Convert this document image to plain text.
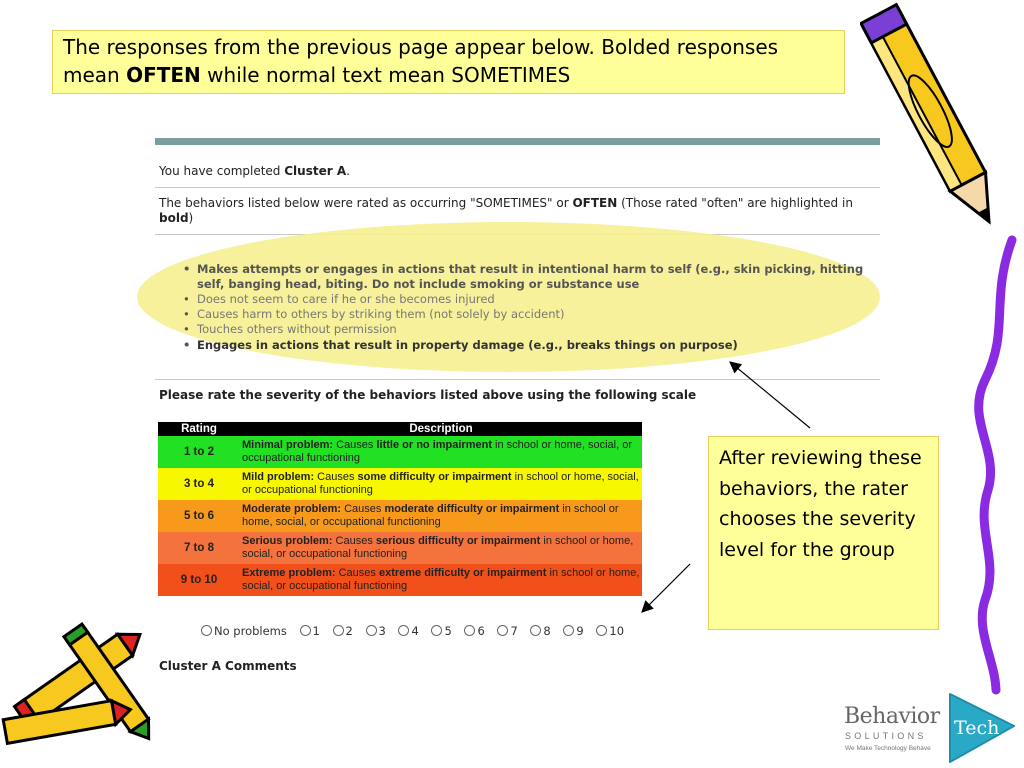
The responses from the previous page appear below. Bolded responses mean OFTEN while normal text mean SOMETIMES
You have completed Cluster A.
The behaviors listed below were rated as occurring "SOMETIMES" or OFTEN (Those rated "often" are highlighted in bold)
• Makes attempts or engages in actions that result in intentional harm to self (e.g., skin picking, hitting self, banging head, biting. Do not include smoking or substance use
• Does not seem to care if he or she becomes injured
• Causes harm to others by striking them (not solely by accident)
• Touches others without permission
• Engages in actions that result in property damage (e.g., breaks things on purpose)
Please rate the severity of the behaviors listed above using the following scale
Rating	Description
1 to 2	Minimal problem: Causes little or no impairment in school or home, social, or occupational functioning
3 to 4	Mild problem: Causes some difficulty or impairment in school or home, social, or occupational functioning
5 to 6	Moderate problem: Causes moderate difficulty or impairment in school or home, social, or occupational functioning
7 to 8	Serious problem: Causes serious difficulty or impairment in school or home, social, or occupational functioning
9 to 10	Extreme problem: Causes extreme difficulty or impairment in school or home, social, or occupational functioning
No problems 1 2 3 4 5 6 7 8 9 10
Cluster A Comments
After reviewing these behaviors, the rater chooses the severity level for the group
Behavior Tech
SOLUTIONS
We Make Technology Behave
